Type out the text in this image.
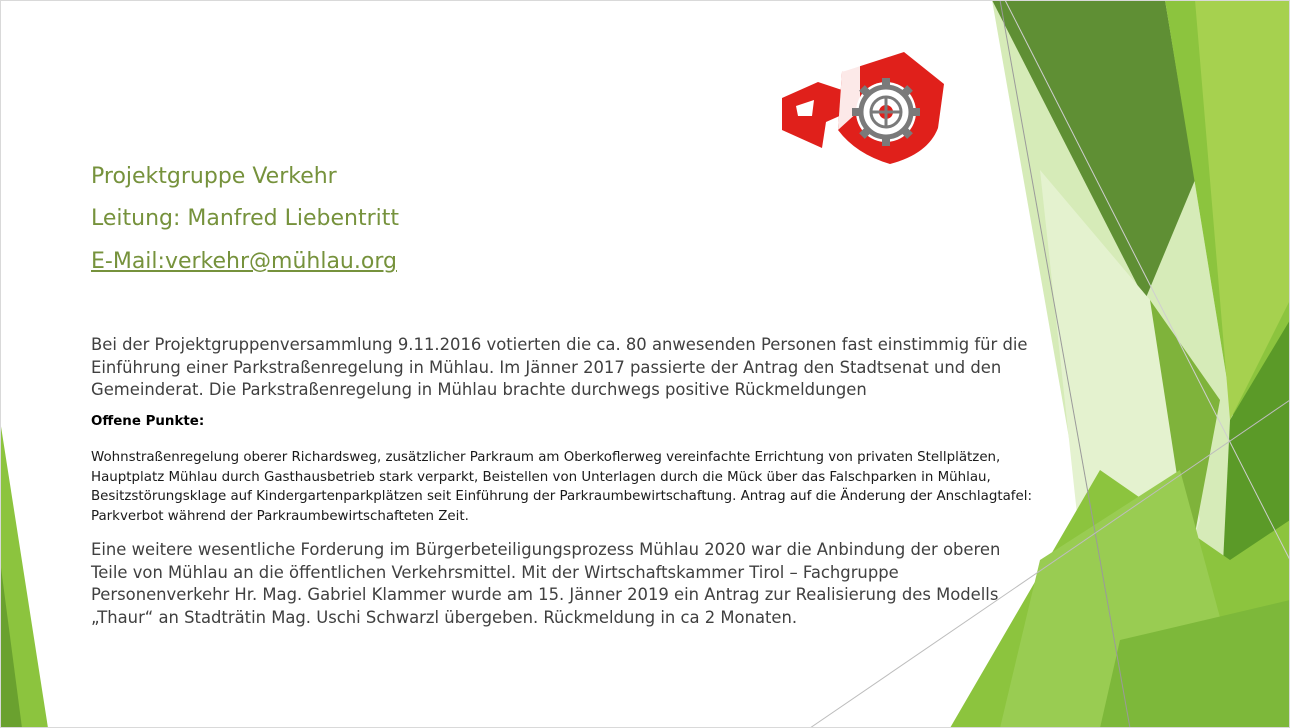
Projektgruppe Verkehr
Leitung: Manfred Liebentritt
E-Mail:verkehr@mühlau.org
Bei der Projektgruppenversammlung 9.11.2016 votierten die ca. 80 anwesenden Personen fast einstimmig für die Einführung einer Parkstraßenregelung in Mühlau. Im Jänner 2017 passierte der Antrag den Stadtsenat und den Gemeinderat. Die Parkstraßenregelung in Mühlau brachte durchwegs positive Rückmeldungen
Offene Punkte:
Wohnstraßenregelung oberer Richardsweg, zusätzlicher Parkraum am Oberkoflerweg vereinfachte Errichtung von privaten Stellplätzen, Hauptplatz Mühlau durch Gasthausbetrieb stark verparkt, Beistellen von Unterlagen durch die Mück über das Falschparken in Mühlau, Besitzstörungsklage auf Kindergartenparkplätzen seit Einführung der Parkraumbewirtschaftung. Antrag auf die Änderung der Anschlagtafel: Parkverbot während der Parkraumbewirtschafteten Zeit.
Eine weitere wesentliche Forderung im Bürgerbeteiligungsprozess Mühlau 2020 war die Anbindung der oberen Teile von Mühlau an die öffentlichen Verkehrsmittel. Mit der Wirtschaftskammer Tirol – Fachgruppe Personenverkehr Hr. Mag. Gabriel Klammer wurde am 15. Jänner 2019 ein Antrag zur Realisierung des Modells „Thaur“ an Stadträtin Mag. Uschi Schwarzl übergeben. Rückmeldung in ca 2 Monaten.
